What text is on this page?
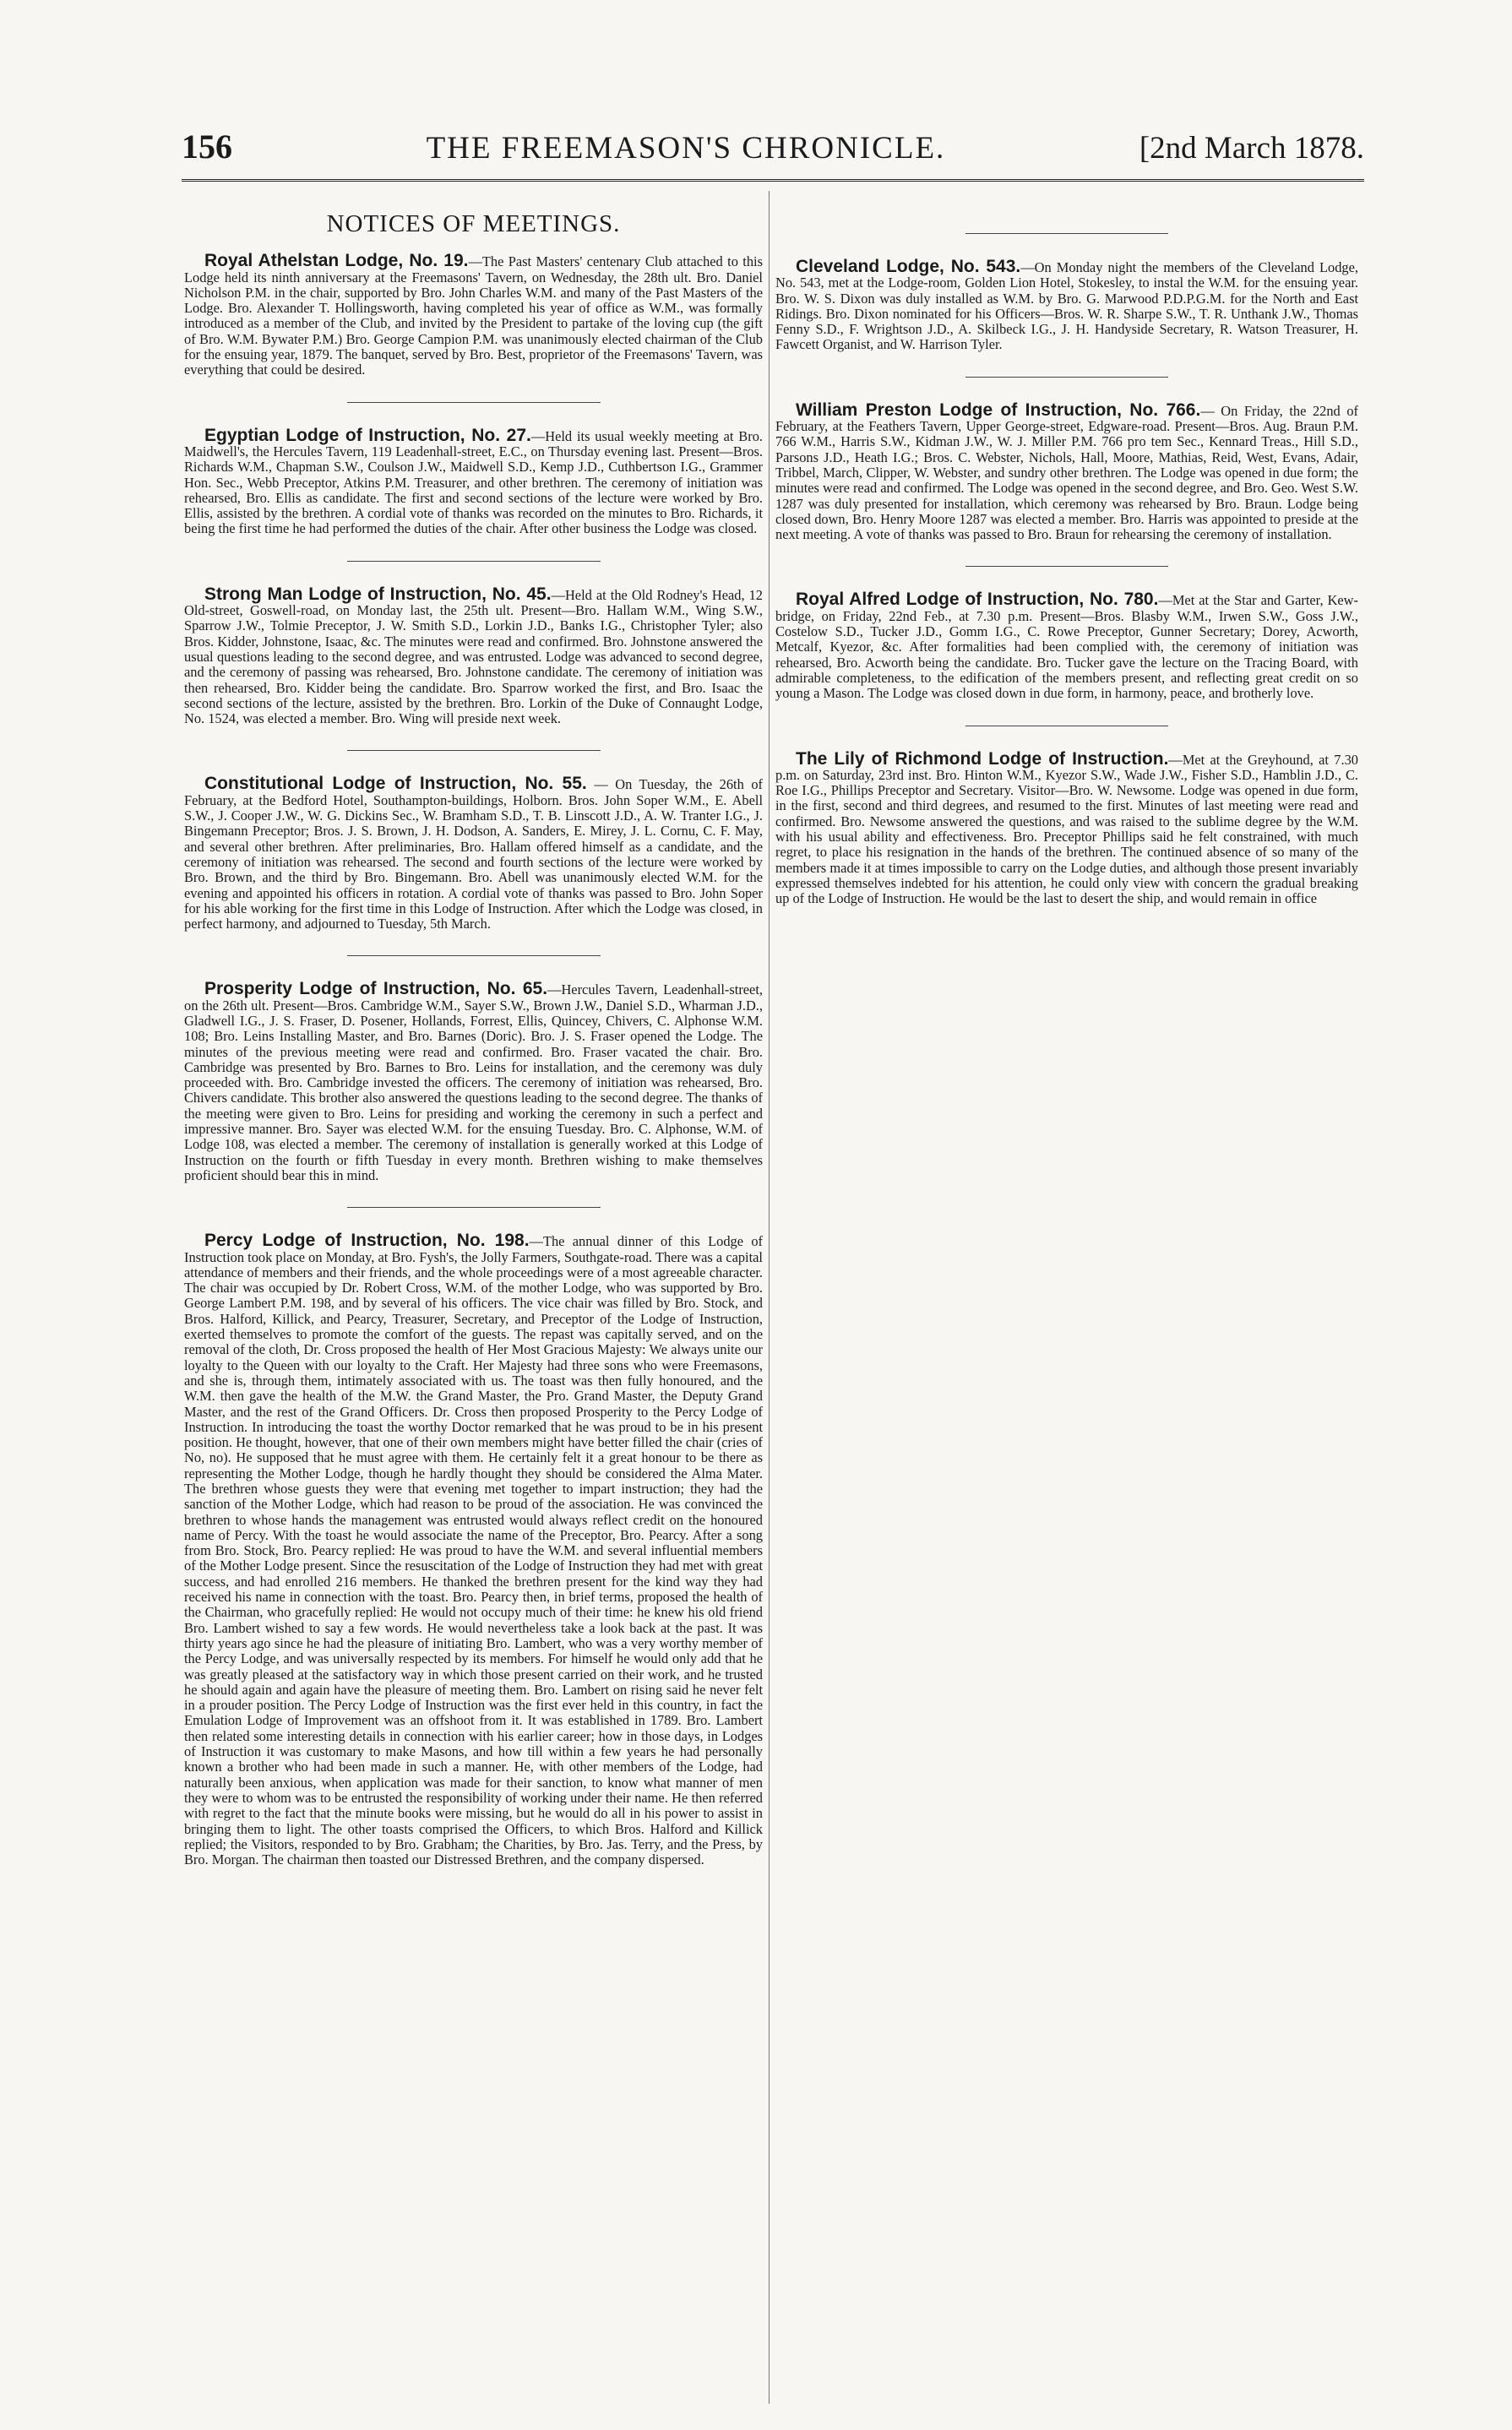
156	THE FREEMASON'S CHRONICLE.	[2nd March 1878.
NOTICES OF MEETINGS.

Royal Athelstan Lodge, No. 19.—The Past Masters' centenary Club attached to this Lodge held its ninth anniversary at the Freemasons' Tavern, on Wednesday, the 28th ult. Bro. Daniel Nicholson P.M. in the chair, supported by Bro. John Charles W.M. and many of the Past Masters of the Lodge. Bro. Alexander T. Hollingsworth, having completed his year of office as W.M., was formally introduced as a member of the Club, and invited by the President to partake of the loving cup (the gift of Bro. W.M. Bywater P.M.) Bro. George Campion P.M. was unanimously elected chairman of the Club for the ensuing year, 1879. The banquet, served by Bro. Best, proprietor of the Freemasons' Tavern, was everything that could be desired.

Egyptian Lodge of Instruction, No. 27.—Held its usual weekly meeting at Bro. Maidwell's, the Hercules Tavern, 119 Leadenhall-street, E.C., on Thursday evening last. Present—Bros. Richards W.M., Chapman S.W., Coulson J.W., Maidwell S.D., Kemp J.D., Cuthbertson I.G., Grammer Hon. Sec., Webb Preceptor, Atkins P.M. Treasurer, and other brethren. The ceremony of initiation was rehearsed, Bro. Ellis as candidate. The first and second sections of the lecture were worked by Bro. Ellis, assisted by the brethren. A cordial vote of thanks was recorded on the minutes to Bro. Richards, it being the first time he had performed the duties of the chair. After other business the Lodge was closed.

Strong Man Lodge of Instruction, No. 45.—Held at the Old Rodney's Head, 12 Old-street, Goswell-road, on Monday last, the 25th ult. Present—Bro. Hallam W.M., Wing S.W., Sparrow J.W., Tolmie Preceptor, J. W. Smith S.D., Lorkin J.D., Banks I.G., Christopher Tyler; also Bros. Kidder, Johnstone, Isaac, &c. The minutes were read and confirmed. Bro. Johnstone answered the usual questions leading to the second degree, and was entrusted. Lodge was advanced to second degree, and the ceremony of passing was rehearsed, Bro. Johnstone candidate. The ceremony of initiation was then rehearsed, Bro. Kidder being the candidate. Bro. Sparrow worked the first, and Bro. Isaac the second sections of the lecture, assisted by the brethren. Bro. Lorkin of the Duke of Connaught Lodge, No. 1524, was elected a member. Bro. Wing will preside next week.

Constitutional Lodge of Instruction, No. 55. — On Tuesday, the 26th of February, at the Bedford Hotel, Southampton-buildings, Holborn. Bros. John Soper W.M., E. Abell S.W., J. Cooper J.W., W. G. Dickins Sec., W. Bramham S.D., T. B. Linscott J.D., A. W. Tranter I.G., J. Bingemann Preceptor; Bros. J. S. Brown, J. H. Dodson, A. Sanders, E. Mirey, J. L. Cornu, C. F. May, and several other brethren. After preliminaries, Bro. Hallam offered himself as a candidate, and the ceremony of initiation was rehearsed. The second and fourth sections of the lecture were worked by Bro. Brown, and the third by Bro. Bingemann. Bro. Abell was unanimously elected W.M. for the evening and appointed his officers in rotation. A cordial vote of thanks was passed to Bro. John Soper for his able working for the first time in this Lodge of Instruction. After which the Lodge was closed, in perfect harmony, and adjourned to Tuesday, 5th March.

Prosperity Lodge of Instruction, No. 65.—Hercules Tavern, Leadenhall-street, on the 26th ult. Present—Bros. Cambridge W.M., Sayer S.W., Brown J.W., Daniel S.D., Wharman J.D., Gladwell I.G., J. S. Fraser, D. Posener, Hollands, Forrest, Ellis, Quincey, Chivers, C. Alphonse W.M. 108; Bro. Leins Installing Master, and Bro. Barnes (Doric). Bro. J. S. Fraser opened the Lodge. The minutes of the previous meeting were read and confirmed. Bro. Fraser vacated the chair. Bro. Cambridge was presented by Bro. Barnes to Bro. Leins for installation, and the ceremony was duly proceeded with. Bro. Cambridge invested the officers. The ceremony of initiation was rehearsed, Bro. Chivers candidate. This brother also answered the questions leading to the second degree. The thanks of the meeting were given to Bro. Leins for presiding and working the ceremony in such a perfect and impressive manner. Bro. Sayer was elected W.M. for the ensuing Tuesday. Bro. C. Alphonse, W.M. of Lodge 108, was elected a member. The ceremony of installation is generally worked at this Lodge of Instruction on the fourth or fifth Tuesday in every month. Brethren wishing to make themselves proficient should bear this in mind.

Percy Lodge of Instruction, No. 198.—The annual dinner of this Lodge of Instruction took place on Monday, at Bro. Fysh's, the Jolly Farmers, Southgate-road. There was a capital attendance of members and their friends, and the whole proceedings were of a most agreeable character. The chair was occupied by Dr. Robert Cross, W.M. of the mother Lodge, who was supported by Bro. George Lambert P.M. 198, and by several of his officers. The vice chair was filled by Bro. Stock, and Bros. Halford, Killick, and Pearcy, Treasurer, Secretary, and Preceptor of the Lodge of Instruction, exerted themselves to promote the comfort of the guests. The repast was capitally served, and on the removal of the cloth, Dr. Cross proposed the health of Her Most Gracious Majesty: We always unite our loyalty to the Queen with our loyalty to the Craft. Her Majesty had three sons who were Freemasons, and she is, through them, intimately associated with us. The toast was then fully honoured, and the W.M. then gave the health of the M.W. the Grand Master, the Pro. Grand Master, the Deputy Grand Master, and the rest of the Grand Officers. Dr. Cross then proposed Prosperity to the Percy Lodge of Instruction. In introducing the toast the worthy Doctor remarked that he was proud to be in his present position. He thought, however, that one of their own members might have better filled the chair (cries of No, no). He supposed that he must agree with them. He certainly felt it a great honour to be there as representing the Mother Lodge, though he hardly thought they should be considered the Alma Mater. The brethren whose guests they were that evening met together to impart instruction; they had the sanction of the Mother Lodge, which had reason to be proud of the association. He was convinced the brethren to whose hands the management was entrusted would always reflect credit on the honoured name of Percy. With the toast he would associate the name of the Preceptor, Bro. Pearcy. After a song from Bro. Stock, Bro. Pearcy replied: He was proud to have the W.M. and several influential members of the Mother Lodge present. Since the resuscitation of the Lodge of Instruction they had met with great success, and had enrolled 216 members. He thanked the brethren present for the kind way they had received his name in connection with the toast. Bro. Pearcy then, in brief terms, proposed the health of the Chairman, who gracefully replied: He would not occupy much of their time: he knew his old friend Bro. Lambert wished to say a few words. He would nevertheless take a look back at the past. It was thirty years ago since he had the pleasure of initiating Bro. Lambert, who was a very worthy member of the Percy Lodge, and was universally respected by its members. For himself he would only add that he was greatly pleased at the satisfactory way in which those present carried on their work, and he trusted he should again and again have the pleasure of meeting them. Bro. Lambert on rising said he never felt in a prouder position. The Percy Lodge of Instruction was the first ever held in this country, in fact the Emulation Lodge of Improvement was an offshoot from it. It was established in 1789. Bro. Lambert then related some interesting details in connection with his earlier career; how in those days, in Lodges of Instruction it was customary to make Masons, and how till within a few years he had personally known a brother who had been made in such a manner. He, with other members of the Lodge, had naturally been anxious, when application was made for their sanction, to know what manner of men they were to whom was to be entrusted the responsibility of working under their name. He then referred with regret to the fact that the minute books were missing, but he would do all in his power to assist in bringing them to light. The other toasts comprised the Officers, to which Bros. Halford and Killick replied; the Visitors, responded to by Bro. Grabham; the Charities, by Bro. Jas. Terry, and the Press, by Bro. Morgan. The chairman then toasted our Distressed Brethren, and the company dispersed.

Cleveland Lodge, No. 543.—On Monday night the members of the Cleveland Lodge, No. 543, met at the Lodge-room, Golden Lion Hotel, Stokesley, to instal the W.M. for the ensuing year. Bro. W. S. Dixon was duly installed as W.M. by Bro. G. Marwood P.D.P.G.M. for the North and East Ridings. Bro. Dixon nominated for his Officers—Bros. W. R. Sharpe S.W., T. R. Unthank J.W., Thomas Fenny S.D., F. Wrightson J.D., A. Skilbeck I.G., J. H. Handyside Secretary, R. Watson Treasurer, H. Fawcett Organist, and W. Harrison Tyler.

William Preston Lodge of Instruction, No. 766.— On Friday, the 22nd of February, at the Feathers Tavern, Upper George-street, Edgware-road. Present—Bros. Aug. Braun P.M. 766 W.M., Harris S.W., Kidman J.W., W. J. Miller P.M. 766 pro tem Sec., Kennard Treas., Hill S.D., Parsons J.D., Heath I.G.; Bros. C. Webster, Nichols, Hall, Moore, Mathias, Reid, West, Evans, Adair, Tribbel, March, Clipper, W. Webster, and sundry other brethren. The Lodge was opened in due form; the minutes were read and confirmed. The Lodge was opened in the second degree, and Bro. Geo. West S.W. 1287 was duly presented for installation, which ceremony was rehearsed by Bro. Braun. Lodge being closed down, Bro. Henry Moore 1287 was elected a member. Bro. Harris was appointed to preside at the next meeting. A vote of thanks was passed to Bro. Braun for rehearsing the ceremony of installation.

Royal Alfred Lodge of Instruction, No. 780.—Met at the Star and Garter, Kew-bridge, on Friday, 22nd Feb., at 7.30 p.m. Present—Bros. Blasby W.M., Irwen S.W., Goss J.W., Costelow S.D., Tucker J.D., Gomm I.G., C. Rowe Preceptor, Gunner Secretary; Dorey, Acworth, Metcalf, Kyezor, &c. After formalities had been complied with, the ceremony of initiation was rehearsed, Bro. Acworth being the candidate. Bro. Tucker gave the lecture on the Tracing Board, with admirable completeness, to the edification of the members present, and reflecting great credit on so young a Mason. The Lodge was closed down in due form, in harmony, peace, and brotherly love.

The Lily of Richmond Lodge of Instruction.—Met at the Greyhound, at 7.30 p.m. on Saturday, 23rd inst. Bro. Hinton W.M., Kyezor S.W., Wade J.W., Fisher S.D., Hamblin J.D., C. Roe I.G., Phillips Preceptor and Secretary. Visitor—Bro. W. Newsome. Lodge was opened in due form, in the first, second and third degrees, and resumed to the first. Minutes of last meeting were read and confirmed. Bro. Newsome answered the questions, and was raised to the sublime degree by the W.M. with his usual ability and effectiveness. Bro. Preceptor Phillips said he felt constrained, with much regret, to place his resignation in the hands of the brethren. The continued absence of so many of the members made it at times impossible to carry on the Lodge duties, and although those present invariably expressed themselves indebted for his attention, he could only view with concern the gradual breaking up of the Lodge of Instruction. He would be the last to desert the ship, and would remain in office
